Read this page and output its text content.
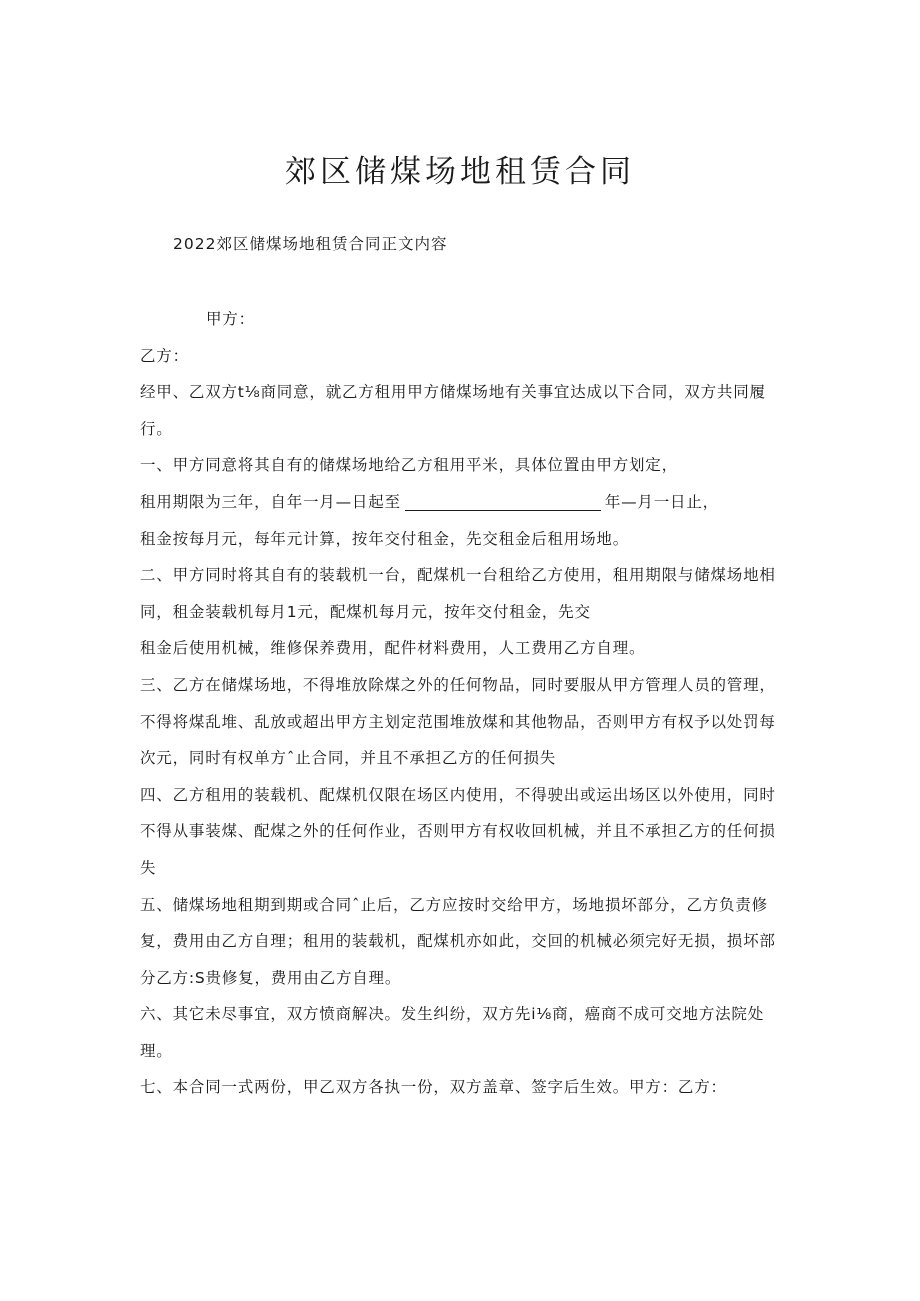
郊区储煤场地租赁合同
2022郊区储煤场地租赁合同正文内容

甲方：

乙方：

经甲、乙双方t⅛商同意，就乙方租用甲方储煤场地有关事宜达成以下合同，双方共同履行。

一、甲方同意将其自有的储煤场地给乙方租用平米，具体位置由甲方划定，

租用期限为三年，自年一月—日起至	年—月一日止，

租金按每月元，每年元计算，按年交付租金，先交租金后租用场地。

二、甲方同时将其自有的装载机一台，配煤机一台租给乙方使用，租用期限与储煤场地相同，租金装载机每月1元，配煤机每月元，按年交付租金，先交

租金后使用机械，维修保养费用，配件材料费用，人工费用乙方自理。

三、乙方在储煤场地，不得堆放除煤之外的任何物品，同时要服从甲方管理人员的管理，不得将煤乱堆、乱放或超出甲方主划定范围堆放煤和其他物品，否则甲方有权予以处罚每次元，同时有权单方ˆ止合同，并且不承担乙方的任何损失

四、乙方租用的装载机、配煤机仅限在场区内使用，不得驶出或运出场区以外使用，同时不得从事装煤、配煤之外的任何作业，否则甲方有权收回机械，并且不承担乙方的任何损失

五、储煤场地租期到期或合同ˆ止后，乙方应按时交给甲方，场地损坏部分，乙方负责修复，费用由乙方自理；租用的装载机，配煤机亦如此，交回的机械必须完好无损，损坏部分乙方:S贵修复，费用由乙方自理。

六、其它未尽事宜，双方愤商解决。发生纠纷，双方先i⅛商，癌商不成可交地方法院处理。

七、本合同一式两份，甲乙双方各执一份，双方盖章、签字后生效。甲方：乙方：
